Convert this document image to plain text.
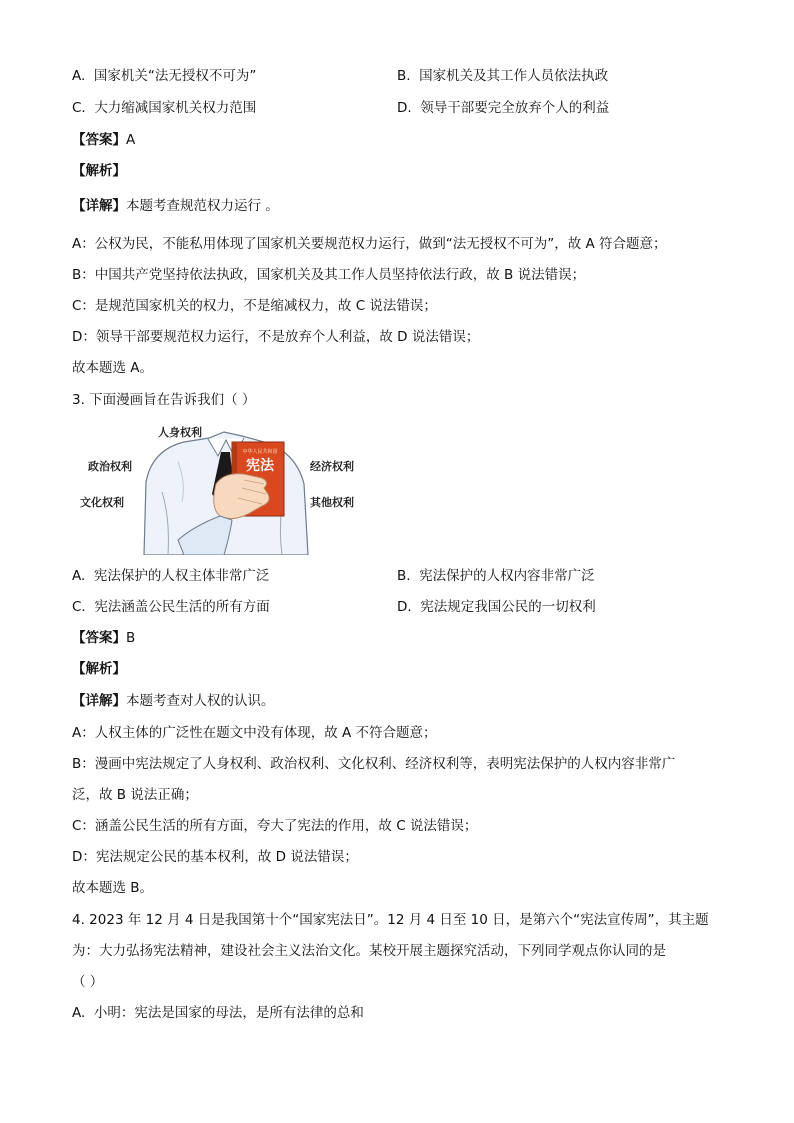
A. 国家机关“法无授权不可为”	B. 国家机关及其工作人员依法执政
C. 大力缩减国家机关权力范围	D. 领导干部要完全放弃个人的利益
【答案】A
【解析】
【详解】本题考查规范权力运行 。
A：公权为民，不能私用体现了国家机关要规范权力运行，做到“法无授权不可为”，故 A 符合题意；
B：中国共产党坚持依法执政，国家机关及其工作人员坚持依法行政，故 B 说法错误；
C：是规范国家机关的权力，不是缩减权力，故 C 说法错误；
D：领导干部要规范权力运行，不是放弃个人利益，故 D 说法错误；
故本题选 A。
3. 下面漫画旨在告诉我们（ ）
中华人民共和国
宪法
人身权利
政治权利
文化权利
经济权利
其他权利
A. 宪法保护的人权主体非常广泛	B. 宪法保护的人权内容非常广泛
C. 宪法涵盖公民生活的所有方面	D. 宪法规定我国公民的一切权利
【答案】B
【解析】
【详解】本题考查对人权的认识。
A：人权主体的广泛性在题文中没有体现，故 A 不符合题意；
B：漫画中宪法规定了人身权利、政治权利、文化权利、经济权利等，表明宪法保护的人权内容非常广
泛，故 B 说法正确；
C：涵盖公民生活的所有方面，夸大了宪法的作用，故 C 说法错误；
D：宪法规定公民的基本权利，故 D 说法错误；
故本题选 B。
4. 2023 年 12 月 4 日是我国第十个“国家宪法日”。12 月 4 日至 10 日，是第六个“宪法宣传周”，其主题
为：大力弘扬宪法精神，建设社会主义法治文化。某校开展主题探究活动，下列同学观点你认同的是
（ ）
A. 小明：宪法是国家的母法，是所有法律的总和
